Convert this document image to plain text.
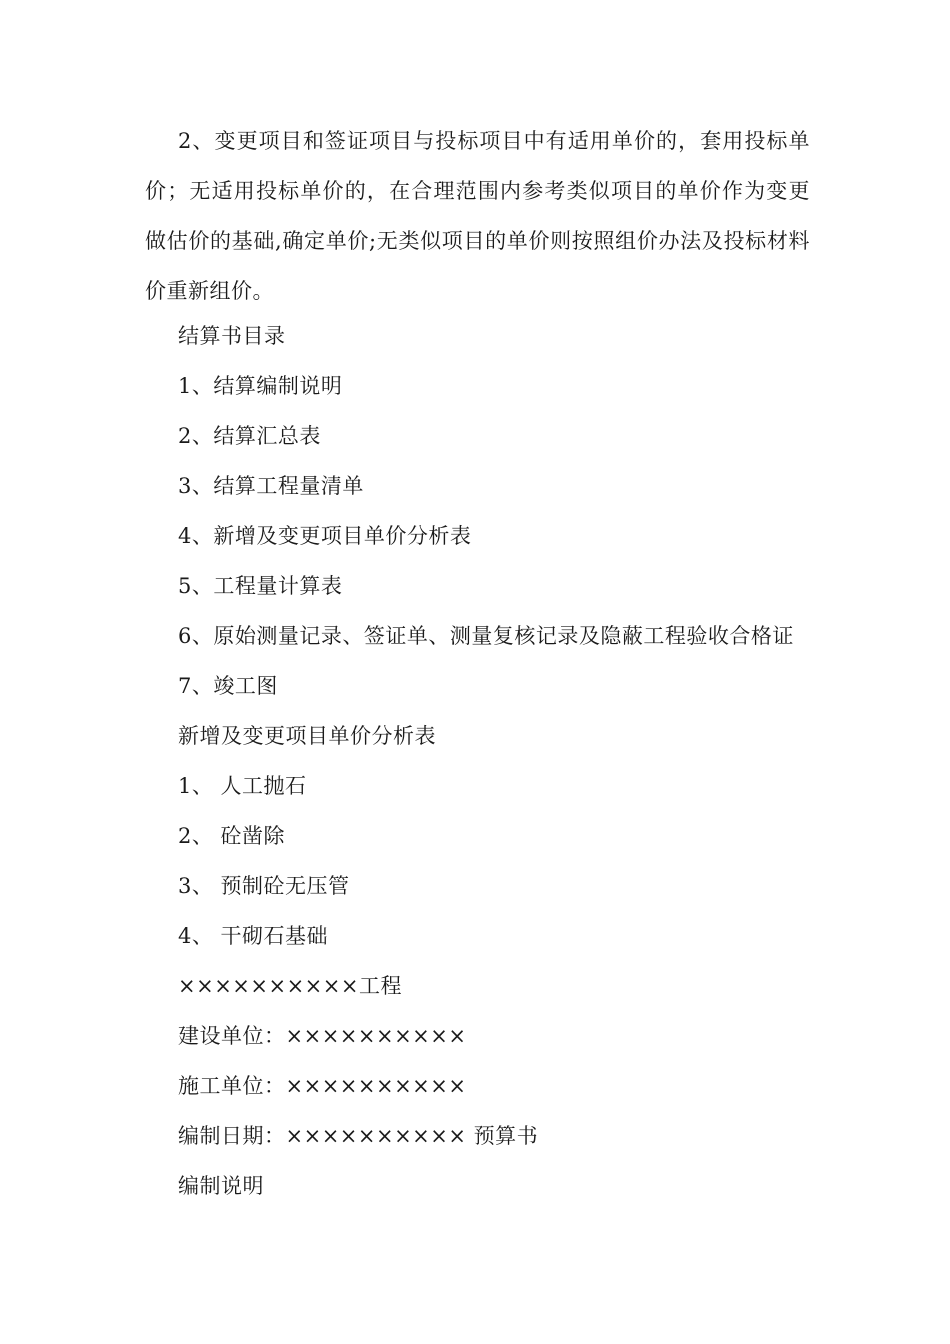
2、变更项目和签证项目与投标项目中有适用单价的，套用投标单价；无适用投标单价的，在合理范围内参考类似项目的单价作为变更做估价的基础,确定单价;无类似项目的单价则按照组价办法及投标材料价重新组价。

结算书目录
1、结算编制说明
2、结算汇总表
3、结算工程量清单
4、新增及变更项目单价分析表
5、工程量计算表
6、原始测量记录、签证单、测量复核记录及隐蔽工程验收合格证
7、竣工图
新增及变更项目单价分析表
1、 人工抛石
2、 砼凿除
3、 预制砼无压管
4、 干砌石基础
××××××××××工程
建设单位：××××××××××
施工单位：××××××××××
编制日期：×××××××××× 预算书
编制说明
